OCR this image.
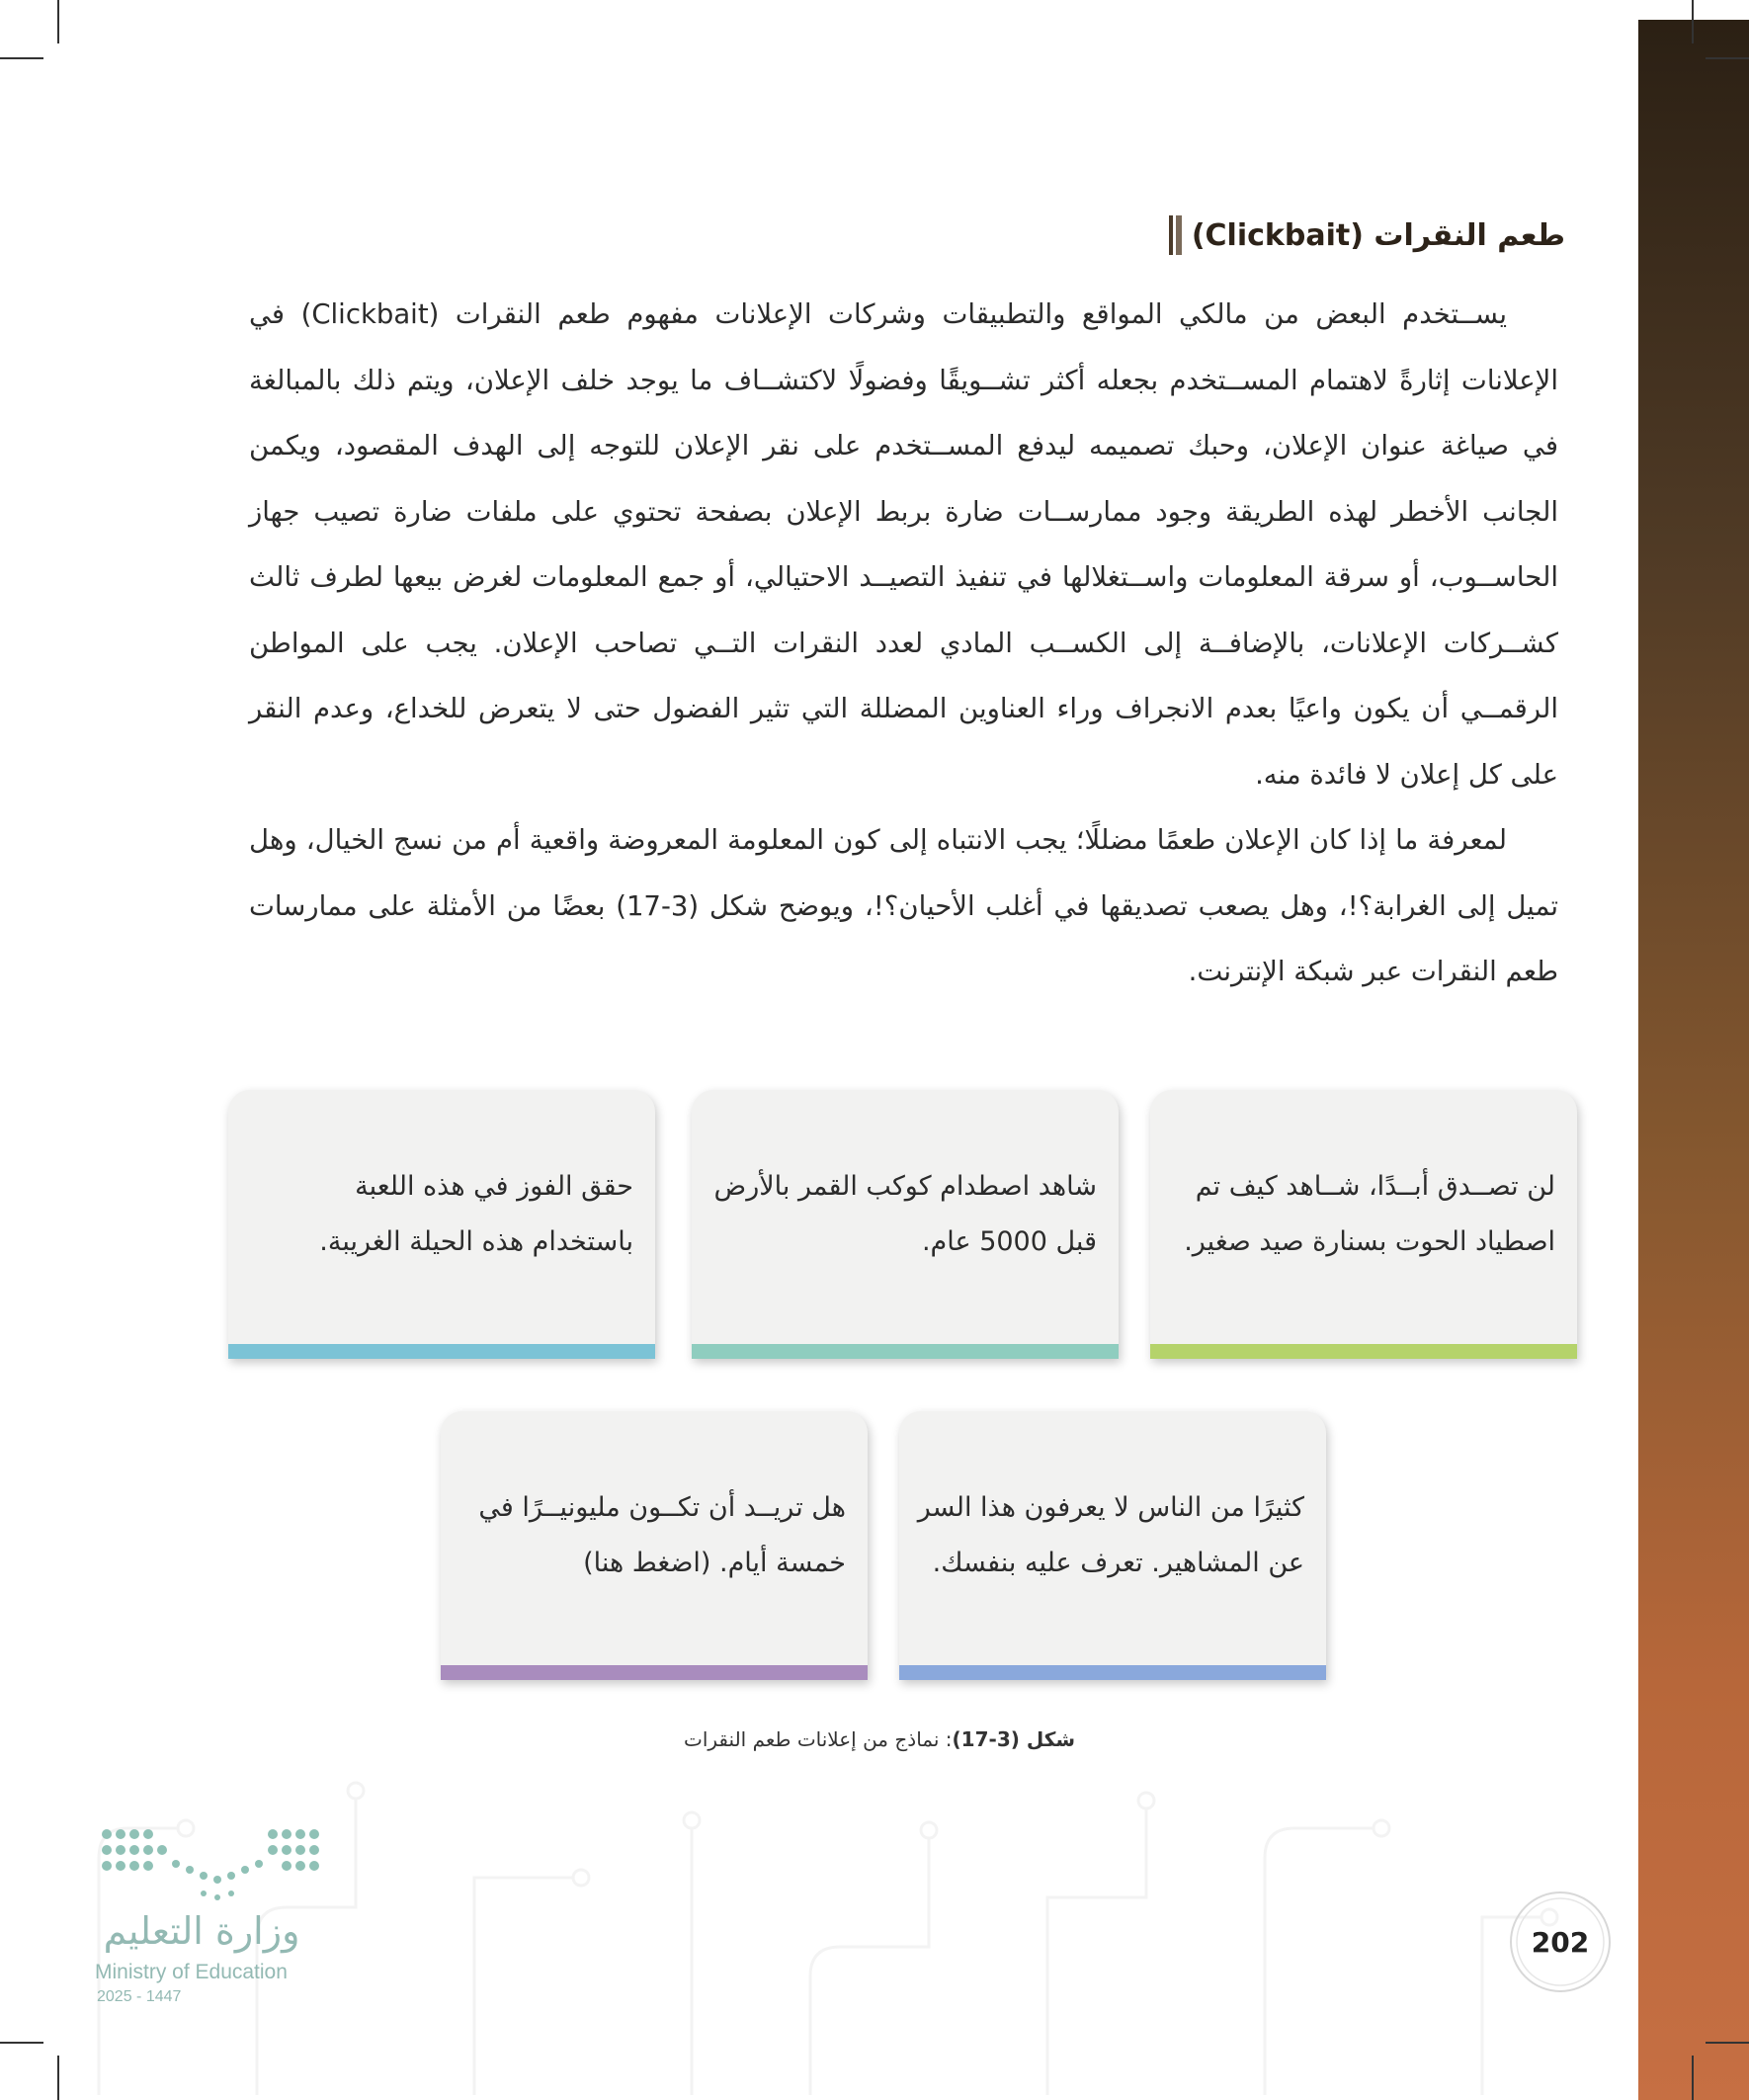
طعم النقرات (Clickbait)

يســتخدم البعض من مالكي المواقع والتطبيقات وشركات الإعلانات مفهوم طعم النقرات (Clickbait) في الإعلانات إثارةً لاهتمام المســتخدم بجعله أكثر تشــويقًا وفضولًا لاكتشــاف ما يوجد خلف الإعلان، ويتم ذلك بالمبالغة في صياغة عنوان الإعلان، وحبك تصميمه ليدفع المســتخدم على نقر الإعلان للتوجه إلى الهدف المقصود، ويكمن الجانب الأخطر لهذه الطريقة وجود ممارســات ضارة بربط الإعلان بصفحة تحتوي على ملفات ضارة تصيب جهاز الحاســوب، أو سرقة المعلومات واســتغلالها في تنفيذ التصيــد الاحتيالي، أو جمع المعلومات لغرض بيعها لطرف ثالث كشــركات الإعلانات، بالإضافــة إلى الكســب المادي لعدد النقرات التــي تصاحب الإعلان. يجب على المواطن الرقمــي أن يكون واعيًا بعدم الانجراف وراء العناوين المضللة التي تثير الفضول حتى لا يتعرض للخداع، وعدم النقر على كل إعلان لا فائدة منه.

لمعرفة ما إذا كان الإعلان طعمًا مضللًا؛ يجب الانتباه إلى كون المعلومة المعروضة واقعية أم من نسج الخيال، وهل تميل إلى الغرابة؟!، وهل يصعب تصديقها في أغلب الأحيان؟!، ويوضح شكل (3-17) بعضًا من الأمثلة على ممارسات طعم النقرات عبر شبكة الإنترنت.

لن تصــدق أبــدًا، شــاهد كيف تم اصطياد الحوت بسنارة صيد صغير.
شاهد اصطدام كوكب القمر بالأرض قبل 5000 عام.
حقق الفوز في هذه اللعبة باستخدام هذه الحيلة الغريبة.
كثيرًا من الناس لا يعرفون هذا السر عن المشاهير. تعرف عليه بنفسك.
هل تريــد أن تكــون مليونيــرًا في خمسة أيام. (اضغط هنا)
شكل (3-17): نماذج من إعلانات طعم النقرات
وزارة التعليم
Ministry of Education
2025 - 1447
202
